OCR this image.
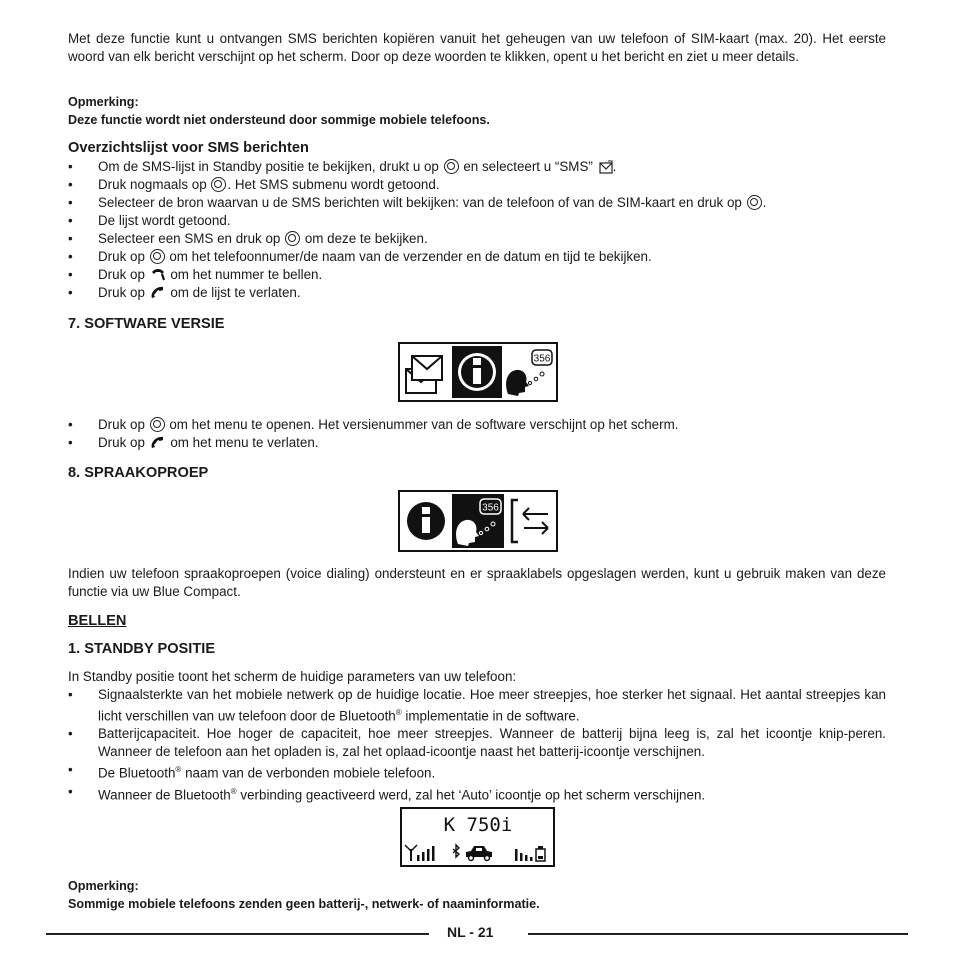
Met deze functie kunt u ontvangen SMS berichten kopiëren vanuit het geheugen van uw telefoon of SIM-kaart (max. 20). Het eerste woord van elk bericht verschijnt op het scherm. Door op deze woorden te klikken, opent u het bericht en ziet u meer details.
Opmerking:
Deze functie wordt niet ondersteund door sommige mobiele telefoons.
Overzichtslijst voor SMS berichten
• Om de SMS-lijst in Standby positie te bekijken, drukt u op en selecteert u “SMS” .
• Druk nogmaals op . Het SMS submenu wordt getoond.
• Selecteer de bron waarvan u de SMS berichten wilt bekijken: van de telefoon of van de SIM-kaart en druk op .
• De lijst wordt getoond.
• Selecteer een SMS en druk op om deze te bekijken.
• Druk op om het telefoonnumer/de naam van de verzender en de datum en tijd te bekijken.
• Druk op om het nummer te bellen.
• Druk op om de lijst te verlaten.
7. SOFTWARE VERSIE
356
• Druk op om het menu te openen. Het versienummer van de software verschijnt op het scherm.
• Druk op om het menu te verlaten.
8. SPRAAKOPROEP
356
Indien uw telefoon spraakoproepen (voice dialing) ondersteunt en er spraaklabels opgeslagen werden, kunt u gebruik maken van deze functie via uw Blue Compact.
BELLEN
1. STANDBY POSITIE
In Standby positie toont het scherm de huidige parameters van uw telefoon:
• Signaalsterkte van het mobiele netwerk op de huidige locatie. Hoe meer streepjes, hoe sterker het signaal. Het aantal streepjes kan licht verschillen van uw telefoon door de Bluetooth® implementatie in de software.
• Batterijcapaciteit. Hoe hoger de capaciteit, hoe meer streepjes. Wanneer de batterij bijna leeg is, zal het icoontje knip-peren. Wanneer de telefoon aan het opladen is, zal het oplaad-icoontje naast het batterij-icoontje verschijnen.
• De Bluetooth® naam van de verbonden mobiele telefoon.
• Wanneer de Bluetooth® verbinding geactiveerd werd, zal het ‘Auto’ icoontje op het scherm verschijnen.
K 750i
Opmerking:
Sommige mobiele telefoons zenden geen batterij-, netwerk- of naaminformatie.
NL - 21
